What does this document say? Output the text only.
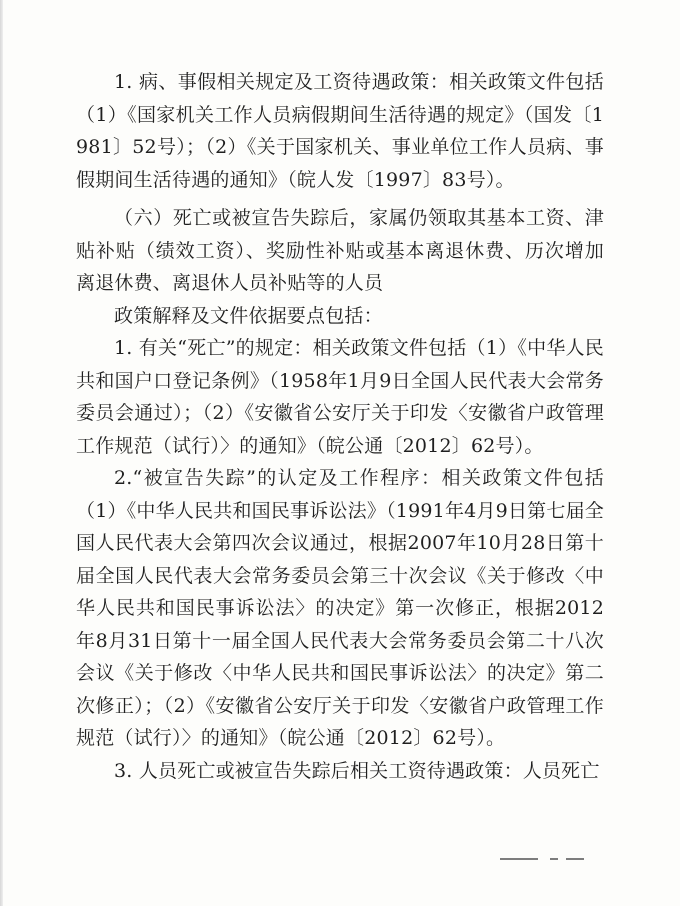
1. 病、事假相关规定及工资待遇政策：相关政策文件包括（1）《国家机关工作人员病假期间生活待遇的规定》（国发〔1981〕52号）；（2）《关于国家机关、事业单位工作人员病、事假期间生活待遇的通知》（皖人发〔1997〕83号）。

（六）死亡或被宣告失踪后，家属仍领取其基本工资、津贴补贴（绩效工资）、奖励性补贴或基本离退休费、历次增加离退休费、离退休人员补贴等的人员

政策解释及文件依据要点包括：

1. 有关“死亡”的规定：相关政策文件包括（1）《中华人民共和国户口登记条例》（1958年1月9日全国人民代表大会常务委员会通过）；（2）《安徽省公安厅关于印发〈安徽省户政管理工作规范（试行）〉的通知》（皖公通〔2012〕62号）。

2.“被宣告失踪”的认定及工作程序：相关政策文件包括（1）《中华人民共和国民事诉讼法》（1991年4月9日第七届全国人民代表大会第四次会议通过，根据2007年10月28日第十届全国人民代表大会常务委员会第三十次会议《关于修改〈中华人民共和国民事诉讼法〉的决定》第一次修正，根据2012年8月31日第十一届全国人民代表大会常务委员会第二十八次会议《关于修改〈中华人民共和国民事诉讼法〉的决定》第二次修正）；（2）《安徽省公安厅关于印发〈安徽省户政管理工作规范（试行）〉的通知》（皖公通〔2012〕62号）。

3. 人员死亡或被宣告失踪后相关工资待遇政策：人员死亡
